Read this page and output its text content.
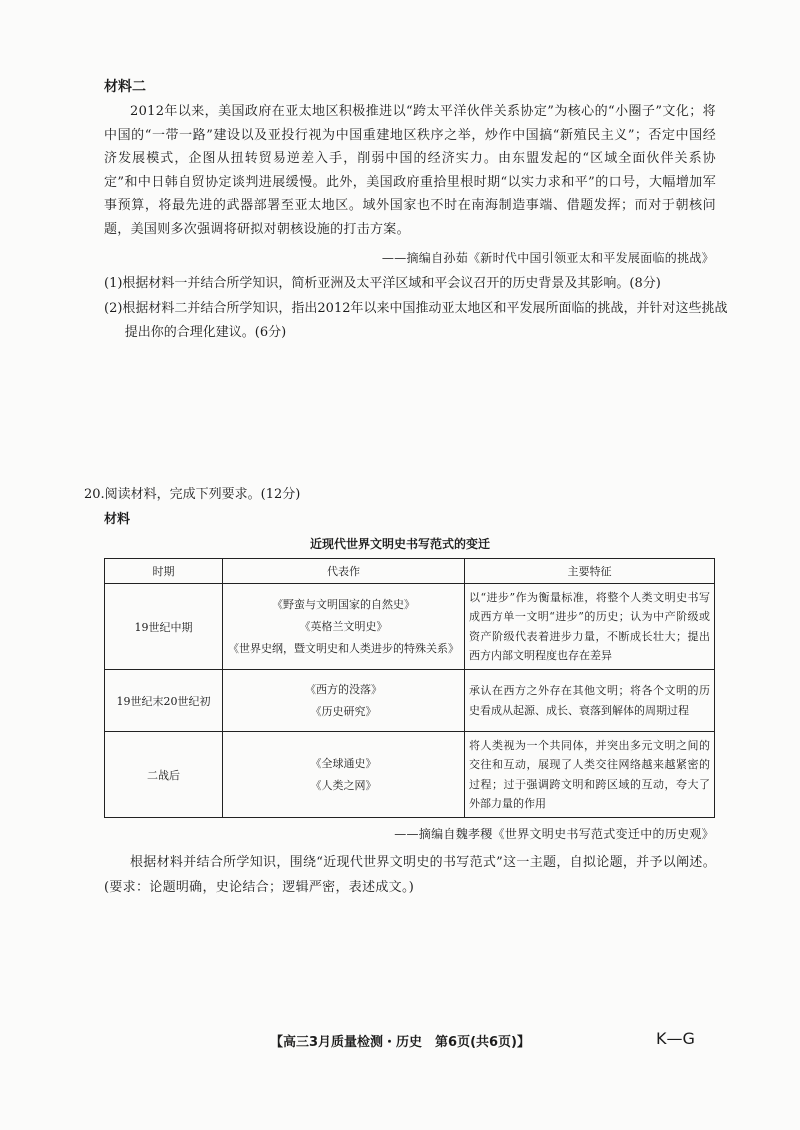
材料二
2012年以来，美国政府在亚太地区积极推进以“跨太平洋伙伴关系协定”为核心的“小圈子”文化；将中国的“一带一路”建设以及亚投行视为中国重建地区秩序之举，炒作中国搞“新殖民主义”；否定中国经济发展模式，企图从扭转贸易逆差入手，削弱中国的经济实力。由东盟发起的“区域全面伙伴关系协定”和中日韩自贸协定谈判进展缓慢。此外，美国政府重拾里根时期“以实力求和平”的口号，大幅增加军事预算，将最先进的武器部署至亚太地区。域外国家也不时在南海制造事端、借题发挥；而对于朝核问题，美国则多次强调将研拟对朝核设施的打击方案。
——摘编自孙茹《新时代中国引领亚太和平发展面临的挑战》
(1)根据材料一并结合所学知识，简析亚洲及太平洋区域和平会议召开的历史背景及其影响。(8分)
(2)根据材料二并结合所学知识，指出2012年以来中国推动亚太地区和平发展所面临的挑战，并针对这些挑战提出你的合理化建议。(6分)
20.阅读材料，完成下列要求。(12分)
材料
近现代世界文明史书写范式的变迁
时期	代表作	主要特征
19世纪中期	《野蛮与文明国家的自然史》
《英格兰文明史》
《世界史纲，暨文明史和人类进步的特殊关系》	以“进步”作为衡量标准，将整个人类文明史书写成西方单一文明“进步”的历史；认为中产阶级或资产阶级代表着进步力量，不断成长壮大；提出西方内部文明程度也存在差异
19世纪末20世纪初	《西方的没落》
《历史研究》	承认在西方之外存在其他文明；将各个文明的历史看成从起源、成长、衰落到解体的周期过程
二战后	《全球通史》
《人类之网》	将人类视为一个共同体，并突出多元文明之间的交往和互动，展现了人类交往网络越来越紧密的过程；过于强调跨文明和跨区域的互动，夸大了外部力量的作用
——摘编自魏孝稷《世界文明史书写范式变迁中的历史观》
根据材料并结合所学知识，围绕“近现代世界文明史的书写范式”这一主题，自拟论题，并予以阐述。(要求：论题明确，史论结合；逻辑严密，表述成文。)
【高三3月质量检测・历史　第6页(共6页)】	K—G
